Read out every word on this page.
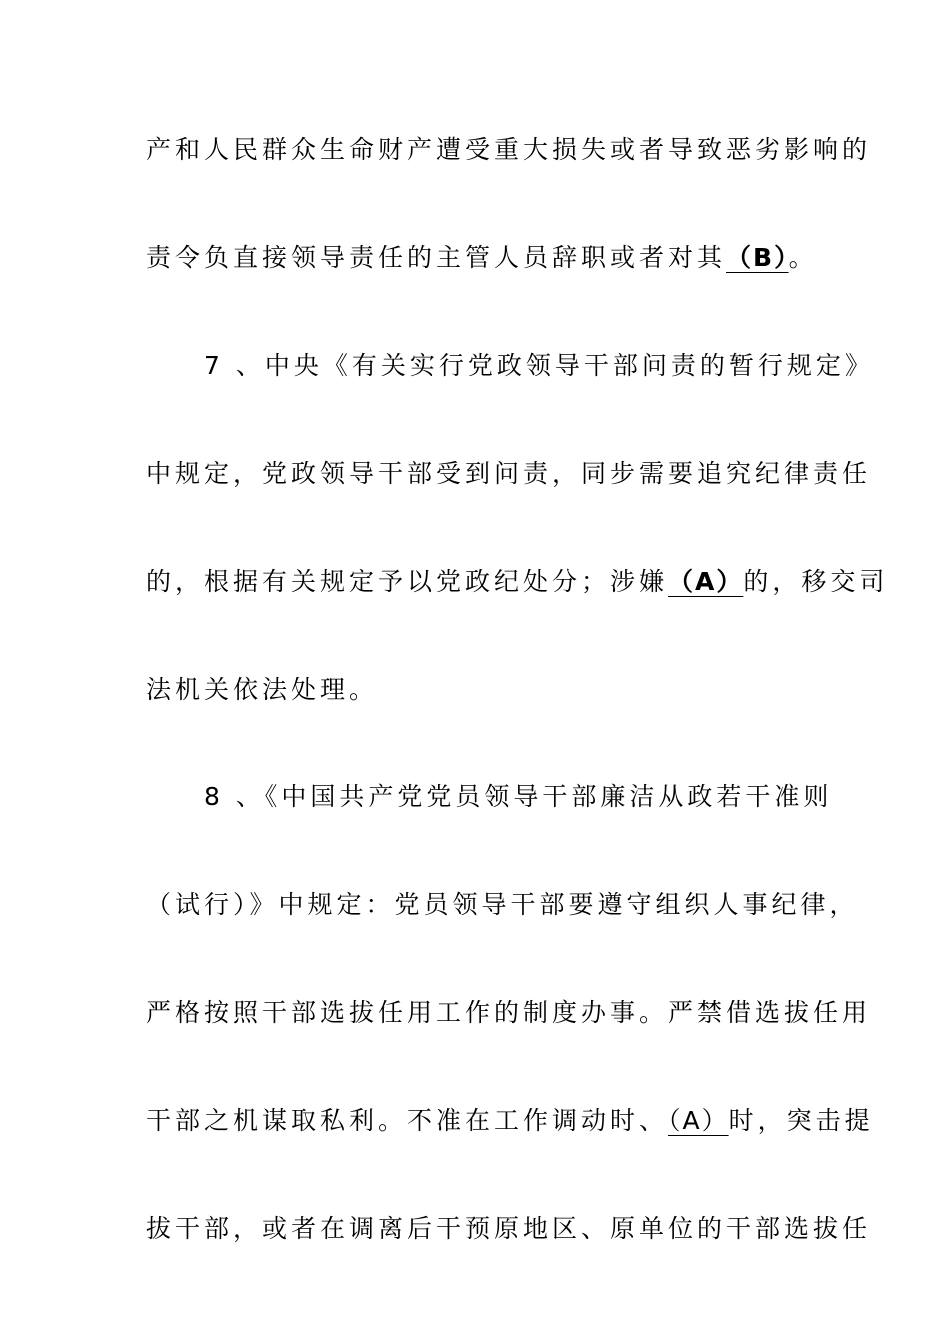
产和人民群众生命财产遭受重大损失或者导致恶劣影响的
责令负直接领导责任的主管人员辞职或者对其（B）。
　　7 、中央《有关实行党政领导干部问责的暂行规定》
中规定，党政领导干部受到问责，同步需要追究纪律责任
的，根据有关规定予以党政纪处分；涉嫌（A）的，移交司
法机关依法处理。
　　8 、《中国共产党党员领导干部廉洁从政若干准则
（试行）》中规定：党员领导干部要遵守组织人事纪律，
严格按照干部选拔任用工作的制度办事。严禁借选拔任用
干部之机谋取私利。不准在工作调动时、（A）时，突击提
拔干部，或者在调离后干预原地区、原单位的干部选拔任
